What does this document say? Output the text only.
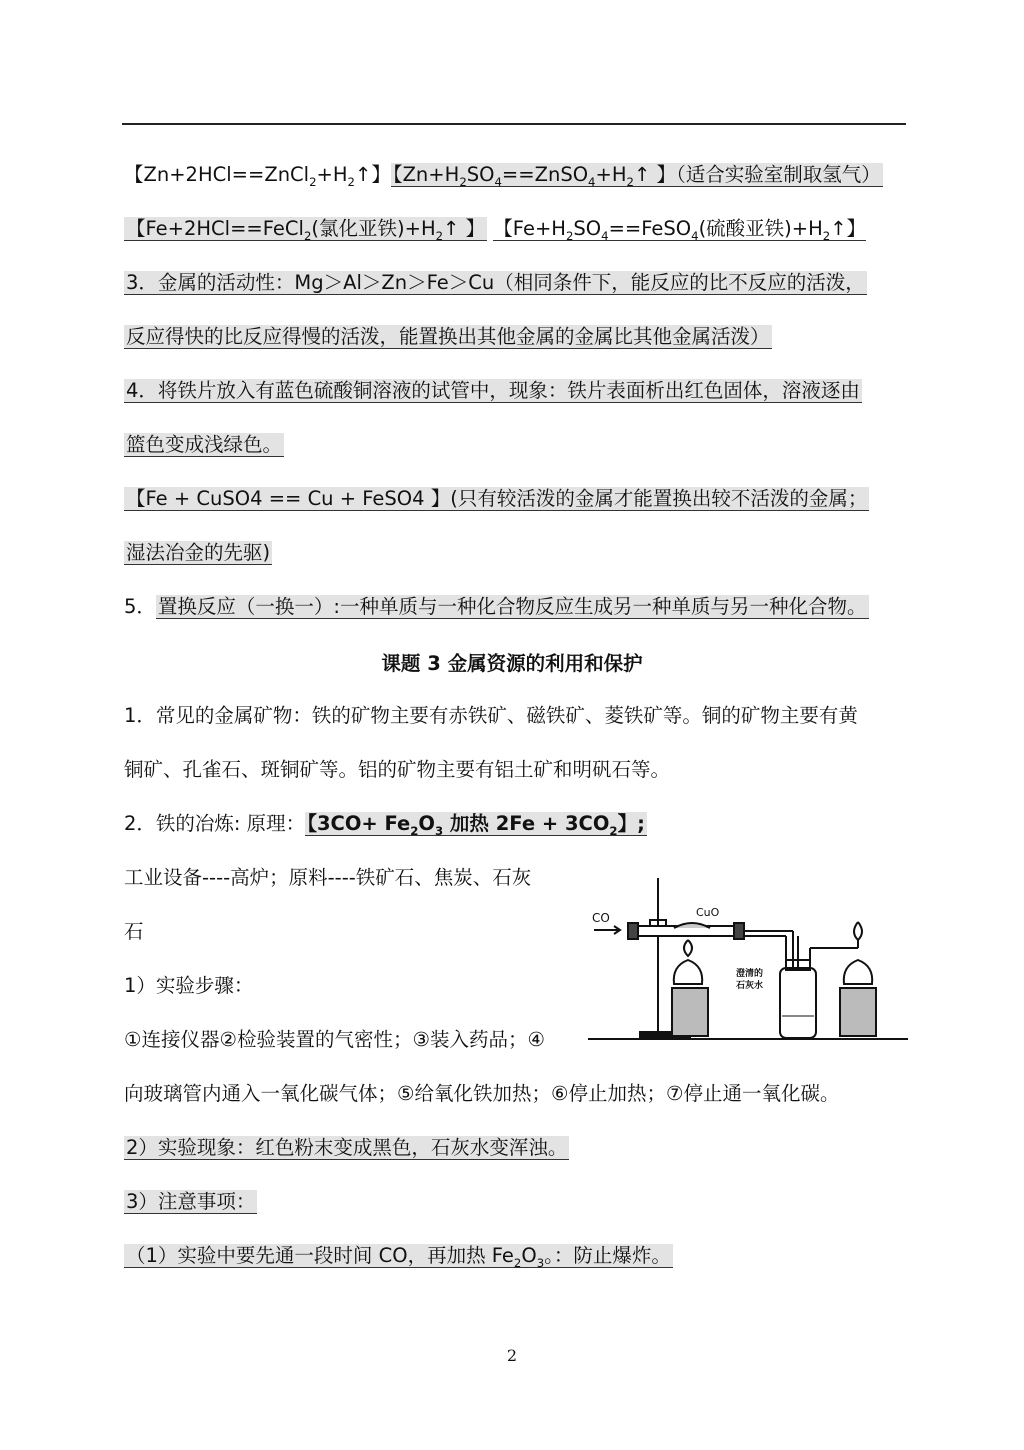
【$Zn+2HCl==ZnCl_2+H_2↑$】 【$Zn+H_2SO_4==ZnSO_4+H_2↑$ 】（适合实验室制取氢气）
【Fe+2HCl==FeCl$_2$(氯化亚铁)$+H_2↑$ 】 【$Fe+H_2SO_4==FeSO_4$(硫酸亚铁)$+H_2↑$】
3．金属的活动性：Mg＞Al＞Zn＞Fe＞Cu（相同条件下，能反应的比不反应的活泼，
反应得快的比反应得慢的活泼，能置换出其他金属的金属比其他金属活泼）
4．将铁片放入有蓝色硫酸铜溶液的试管中，现象：铁片表面析出红色固体，溶液逐由
篮色变成浅绿色。
【Fe + CuSO4 == Cu + FeSO4 】(只有较活泼的金属才能置换出较不活泼的金属；
湿法冶金的先驱)
5． 置换反应（一换一）:一种单质与一种化合物反应生成另一种单质与另一种化合物。
课题 3 金属资源的利用和保护
1．常见的金属矿物：铁的矿物主要有赤铁矿、磁铁矿、菱铁矿等。铜的矿物主要有黄
铜矿、孔雀石、斑铜矿等。铝的矿物主要有铝土矿和明矾石等。
2．铁的冶炼: 原理： 【$3CO+ Fe_2O_3$ 加热 $2Fe + 3CO_2$】;
工业设备----高炉；原料----铁矿石、焦炭、石灰
石
1）实验步骤：
①连接仪器②检验装置的气密性；③装入药品；④
向玻璃管内通入一氧化碳气体；⑤给氧化铁加热；⑥停止加热；⑦停止通一氧化碳。
2）实验现象：红色粉末变成黑色，石灰水变浑浊。
3）注意事项：
（1）实验中要先通一段时间 CO，再加热 $Fe_2O_3$。：防止爆炸。
CO	CuO
澄清的
石灰水
2
